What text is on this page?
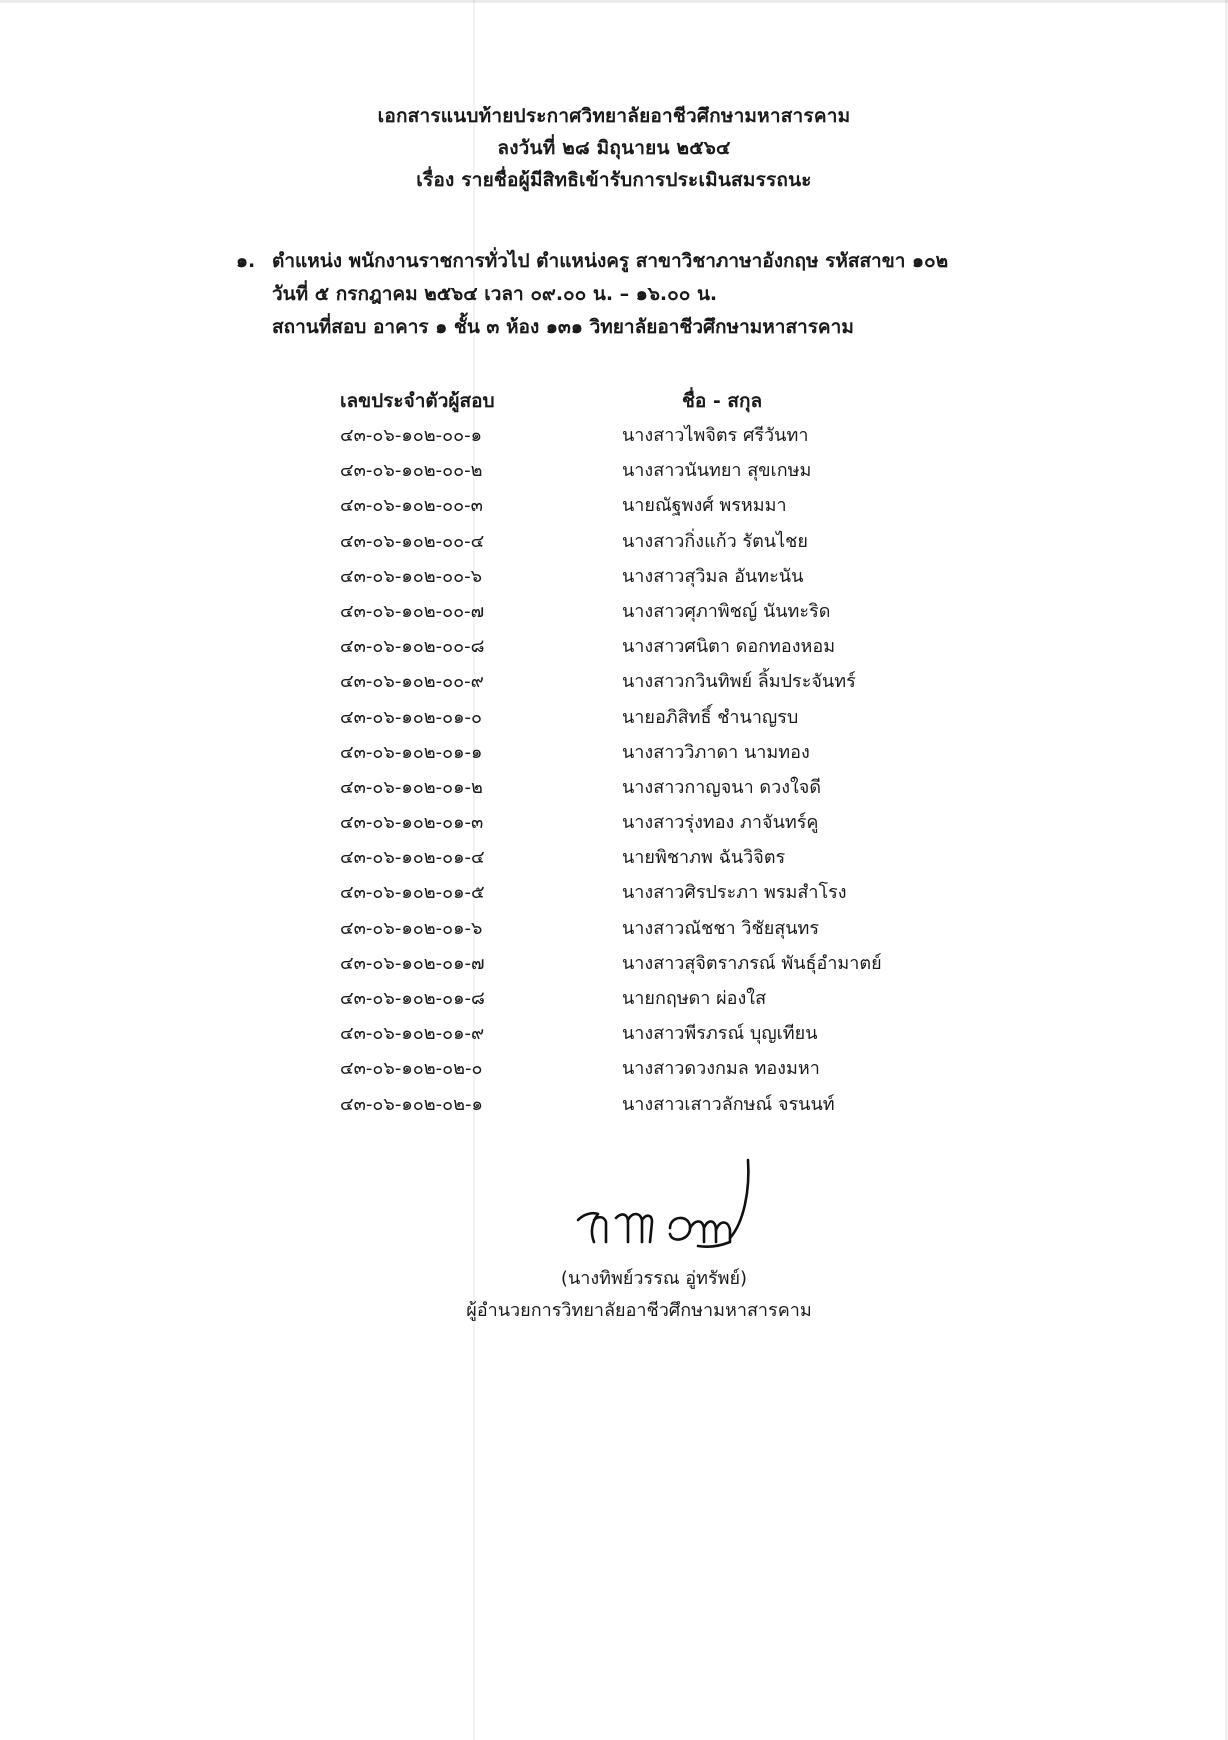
เอกสารแนบท้ายประกาศวิทยาลัยอาชีวศึกษามหาสารคาม
ลงวันที่ ๒๘ มิถุนายน ๒๕๖๔
เรื่อง รายชื่อผู้มีสิทธิเข้ารับการประเมินสมรรถนะ
๑. ตำแหน่ง พนักงานราชการทั่วไป ตำแหน่งครู สาขาวิชาภาษาอังกฤษ รหัสสาขา ๑๐๒
วันที่ ๕ กรกฎาคม ๒๕๖๔ เวลา ๐๙.๐๐ น. – ๑๖.๐๐ น.
สถานที่สอบ อาคาร ๑ ชั้น ๓ ห้อง ๑๓๑ วิทยาลัยอาชีวศึกษามหาสารคาม
เลขประจำตัวผู้สอบ	ชื่อ - สกุล
๔๓-๐๖-๑๐๒-๐๐-๑	นางสาวไพจิตร ศรีวันทา
๔๓-๐๖-๑๐๒-๐๐-๒	นางสาวนันทยา สุขเกษม
๔๓-๐๖-๑๐๒-๐๐-๓	นายณัฐพงศ์ พรหมมา
๔๓-๐๖-๑๐๒-๐๐-๔	นางสาวกิ่งแก้ว รัตนไชย
๔๓-๐๖-๑๐๒-๐๐-๖	นางสาวสุวิมล อันทะนัน
๔๓-๐๖-๑๐๒-๐๐-๗	นางสาวศุภาพิชญ์ นันทะริด
๔๓-๐๖-๑๐๒-๐๐-๘	นางสาวศนิตา ดอกทองหอม
๔๓-๐๖-๑๐๒-๐๐-๙	นางสาวกวินทิพย์ ลิ้มประจันทร์
๔๓-๐๖-๑๐๒-๐๑-๐	นายอภิสิทธิ์ ชำนาญรบ
๔๓-๐๖-๑๐๒-๐๑-๑	นางสาววิภาดา นามทอง
๔๓-๐๖-๑๐๒-๐๑-๒	นางสาวกาญจนา ดวงใจดี
๔๓-๐๖-๑๐๒-๐๑-๓	นางสาวรุ่งทอง ภาจันทร์คู
๔๓-๐๖-๑๐๒-๐๑-๔	นายพิชาภพ ฉันวิจิตร
๔๓-๐๖-๑๐๒-๐๑-๕	นางสาวศิรประภา พรมสำโรง
๔๓-๐๖-๑๐๒-๐๑-๖	นางสาวณัชชา วิชัยสุนทร
๔๓-๐๖-๑๐๒-๐๑-๗	นางสาวสุจิตราภรณ์ พันธุ์อำมาตย์
๔๓-๐๖-๑๐๒-๐๑-๘	นายกฤษดา ผ่องใส
๔๓-๐๖-๑๐๒-๐๑-๙	นางสาวพีรภรณ์ บุญเทียน
๔๓-๐๖-๑๐๒-๐๒-๐	นางสาวดวงกมล ทองมหา
๔๓-๐๖-๑๐๒-๐๒-๑	นางสาวเสาวลักษณ์ จรนนท์
(นางทิพย์วรรณ อู่ทรัพย์)
ผู้อำนวยการวิทยาลัยอาชีวศึกษามหาสารคาม
